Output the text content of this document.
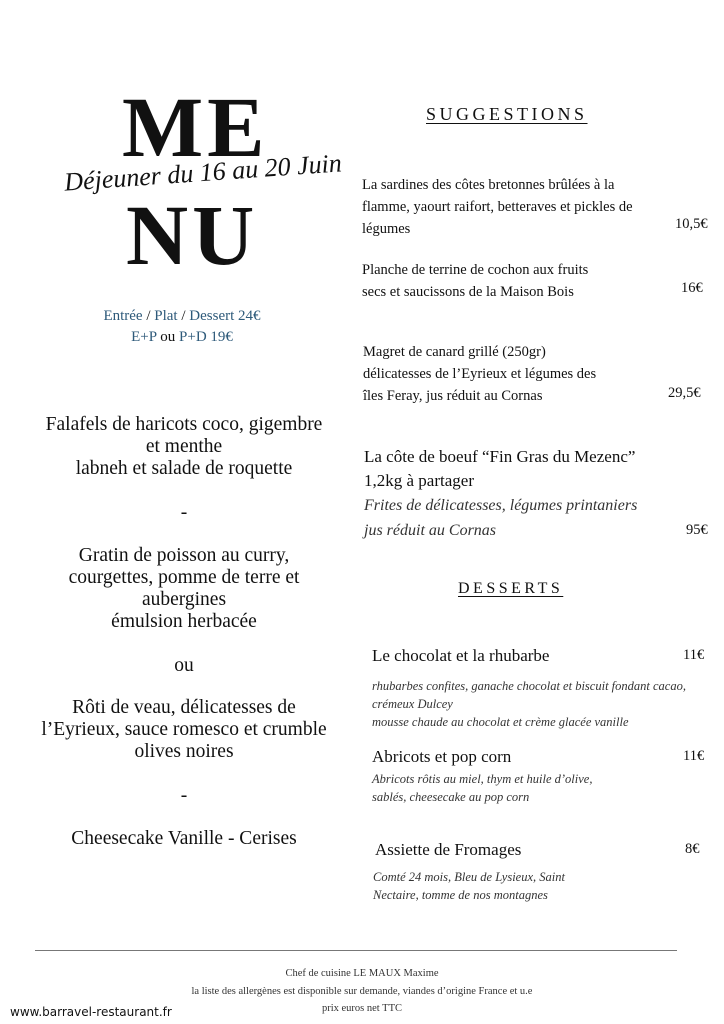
ME
Déjeuner du 16 au 20 Juin
NU
Entrée / Plat / Dessert 24€
E+P ou P+D 19€
Falafels de haricots coco, gigembre
et menthe
labneh et salade de roquette
-
Gratin de poisson au curry,
courgettes, pomme de terre et
aubergines
émulsion herbacée
ou
Rôti de veau, délicatesses de
l’Eyrieux, sauce romesco et crumble
olives noires
-
Cheesecake Vanille - Cerises
SUGGESTIONS
La sardines des côtes bretonnes brûlées à la
flamme, yaourt raifort, betteraves et pickles de
légumes	10,5€
Planche de terrine de cochon aux fruits
secs et saucissons de la Maison Bois	16€
Magret de canard grillé (250gr)
délicatesses de l’Eyrieux et légumes des
îles Feray, jus réduit au Cornas	29,5€
La côte de boeuf “Fin Gras du Mezenc”
1,2kg à partager
Frites de délicatesses, légumes printaniers
jus réduit au Cornas	95€
DESSERTS
Le chocolat et la rhubarbe	11€
rhubarbes confites, ganache chocolat et biscuit fondant cacao,
crémeux Dulcey
mousse chaude au chocolat et crème glacée vanille
Abricots et pop corn	11€
Abricots rôtis au miel, thym et huile d’olive,
sablés, cheesecake au pop corn
Assiette de Fromages	8€
Comté 24 mois, Bleu de Lysieux, Saint
Nectaire, tomme de nos montagnes
Chef de cuisine LE MAUX Maxime
la liste des allergènes est disponible sur demande, viandes d’origine France et u.e
prix euros net TTC
www.barravel-restaurant.fr
